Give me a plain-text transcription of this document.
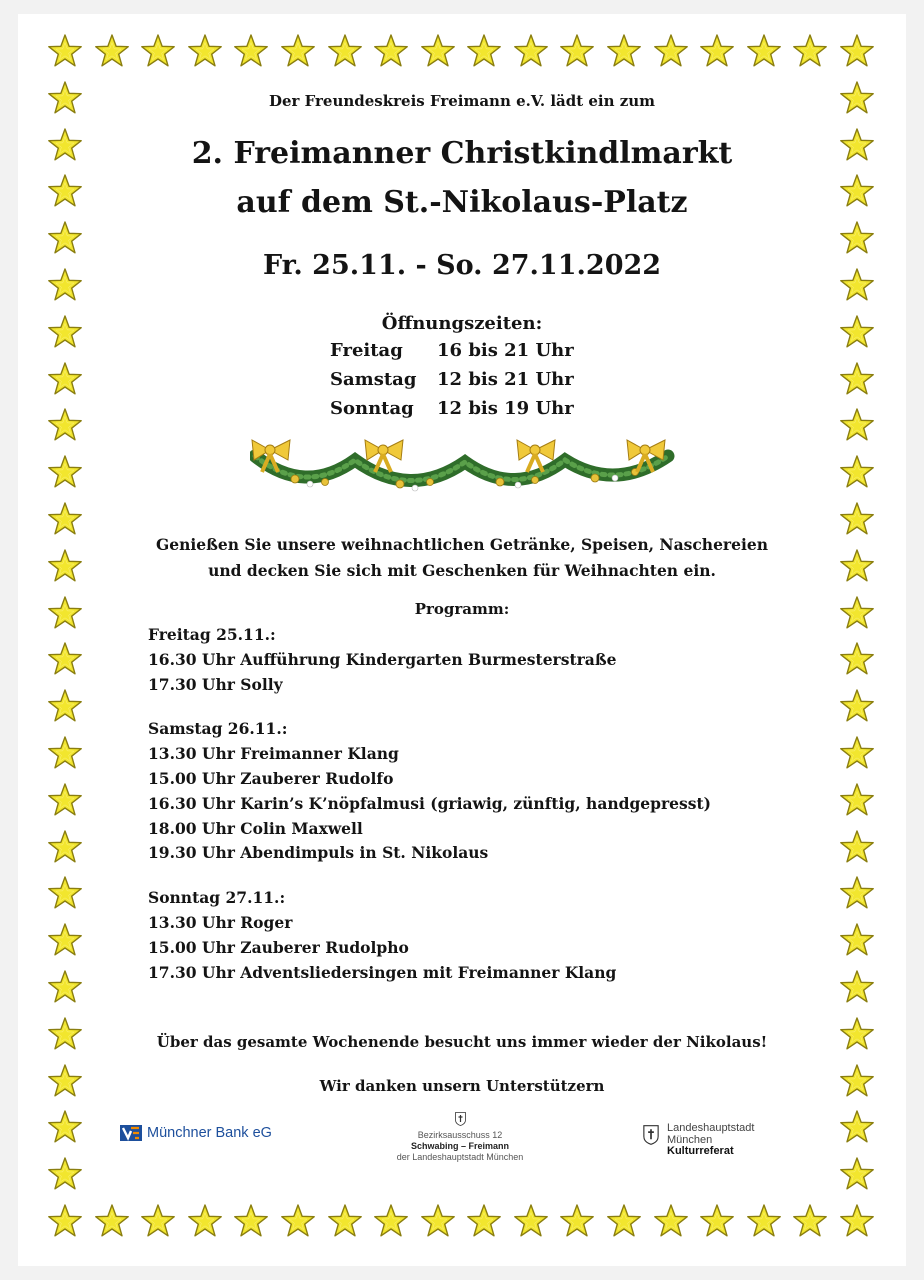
Der Freundeskreis Freimann e.V. lädt ein zum
2. Freimanner Christkindlmarkt
auf dem St.-Nikolaus-Platz
Fr. 25.11. - So. 27.11.2022
Öffnungszeiten:
Freitag 16 bis 21 Uhr
Samstag 12 bis 21 Uhr
Sonntag 12 bis 19 Uhr
Genießen Sie unsere weihnachtlichen Getränke, Speisen, Naschereien
und decken Sie sich mit Geschenken für Weihnachten ein.
Programm:
Freitag 25.11.:
16.30 Uhr Aufführung Kindergarten Burmesterstraße
17.30 Uhr Solly
Samstag 26.11.:
13.30 Uhr Freimanner Klang
15.00 Uhr Zauberer Rudolfo
16.30 Uhr Karin’s K’nöpfalmusi (griawig, zünftig, handgepresst)
18.00 Uhr Colin Maxwell
19.30 Uhr Abendimpuls in St. Nikolaus
Sonntag 27.11.:
13.30 Uhr Roger
15.00 Uhr Zauberer Rudolpho
17.30 Uhr Adventsliedersingen mit Freimanner Klang
Über das gesamte Wochenende besucht uns immer wieder der Nikolaus!
Wir danken unsern Unterstützern
Münchner Bank eG	Bezirksausschuss 12
Schwabing – Freimann
der Landeshauptstadt München
Landeshauptstadt
München
Kulturreferat
